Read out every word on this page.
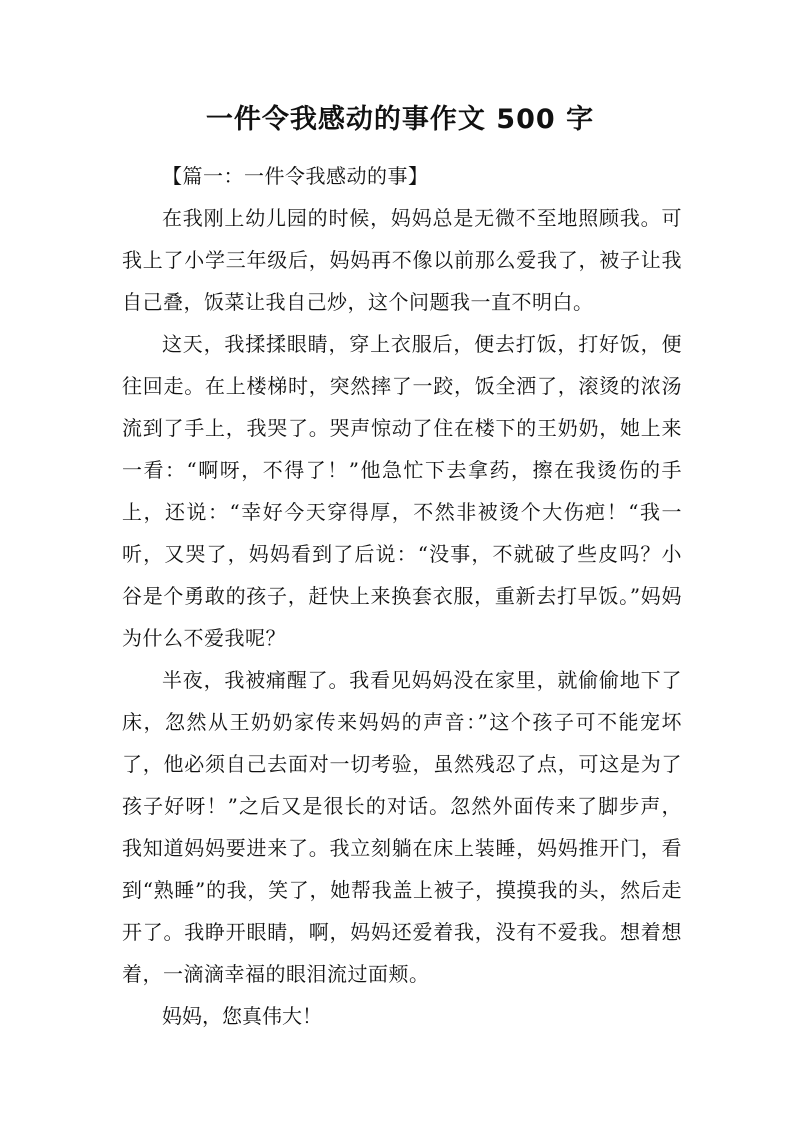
一件令我感动的事作文 500 字

【篇一：一件令我感动的事】

在我刚上幼儿园的时候，妈妈总是无微不至地照顾我。可我上了小学三年级后，妈妈再不像以前那么爱我了，被子让我自己叠，饭菜让我自己炒，这个问题我一直不明白。

这天，我揉揉眼睛，穿上衣服后，便去打饭，打好饭，便往回走。在上楼梯时，突然摔了一跤，饭全洒了，滚烫的浓汤流到了手上，我哭了。哭声惊动了住在楼下的王奶奶，她上来一看：“啊呀，不得了！”他急忙下去拿药，擦在我烫伤的手上，还说：“幸好今天穿得厚，不然非被烫个大伤疤！“我一听，又哭了，妈妈看到了后说：“没事，不就破了些皮吗？小谷是个勇敢的孩子，赶快上来换套衣服，重新去打早饭。”妈妈为什么不爱我呢？

半夜，我被痛醒了。我看见妈妈没在家里，就偷偷地下了床，忽然从王奶奶家传来妈妈的声音：”这个孩子可不能宠坏了，他必须自己去面对一切考验，虽然残忍了点，可这是为了孩子好呀！”之后又是很长的对话。忽然外面传来了脚步声，我知道妈妈要进来了。我立刻躺在床上装睡，妈妈推开门，看到“熟睡”的我，笑了，她帮我盖上被子，摸摸我的头，然后走开了。我睁开眼睛，啊，妈妈还爱着我，没有不爱我。想着想着，一滴滴幸福的眼泪流过面颊。

妈妈，您真伟大！
